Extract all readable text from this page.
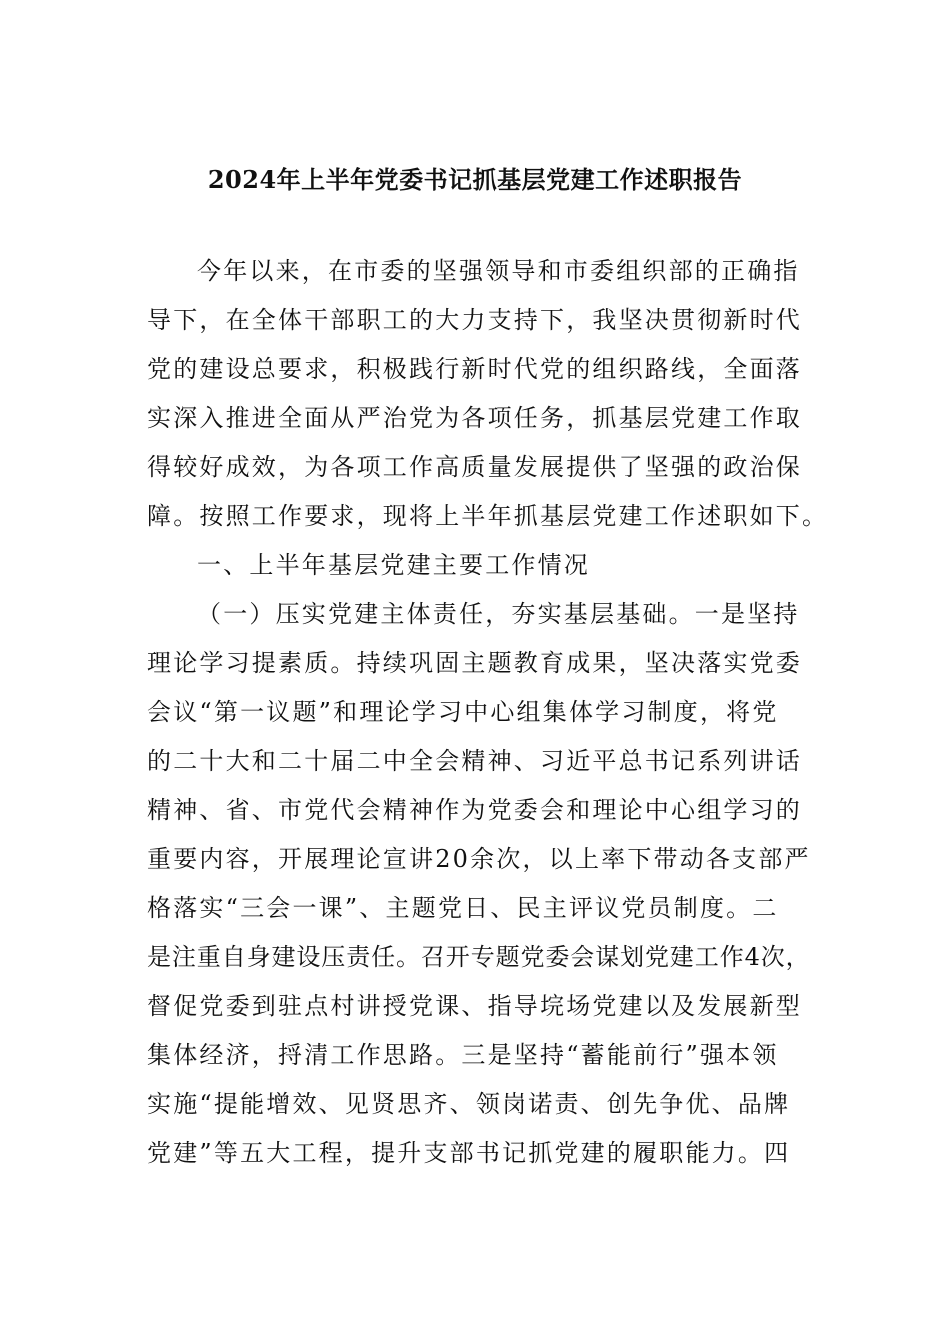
2024年上半年党委书记抓基层党建工作述职报告
今年以来，在市委的坚强领导和市委组织部的正确指
导下，在全体干部职工的大力支持下，我坚决贯彻新时代
党的建设总要求，积极践行新时代党的组织路线，全面落
实深入推进全面从严治党为各项任务，抓基层党建工作取
得较好成效，为各项工作高质量发展提供了坚强的政治保
障。按照工作要求，现将上半年抓基层党建工作述职如下。
一、上半年基层党建主要工作情况
（一）压实党建主体责任，夯实基层基础。一是坚持
理论学习提素质。持续巩固主题教育成果，坚决落实党委
会议“第一议题”和理论学习中心组集体学习制度，将党
的二十大和二十届二中全会精神、习近平总书记系列讲话
精神、省、市党代会精神作为党委会和理论中心组学习的
重要内容，开展理论宣讲20余次，以上率下带动各支部严
格落实“三会一课”、主题党日、民主评议党员制度。二
是注重自身建设压责任。召开专题党委会谋划党建工作4次，
督促党委到驻点村讲授党课、指导垸场党建以及发展新型
集体经济，捋清工作思路。三是坚持“蓄能前行”强本领
实施“提能增效、见贤思齐、领岗诺责、创先争优、品牌
党建”等五大工程，提升支部书记抓党建的履职能力。四
